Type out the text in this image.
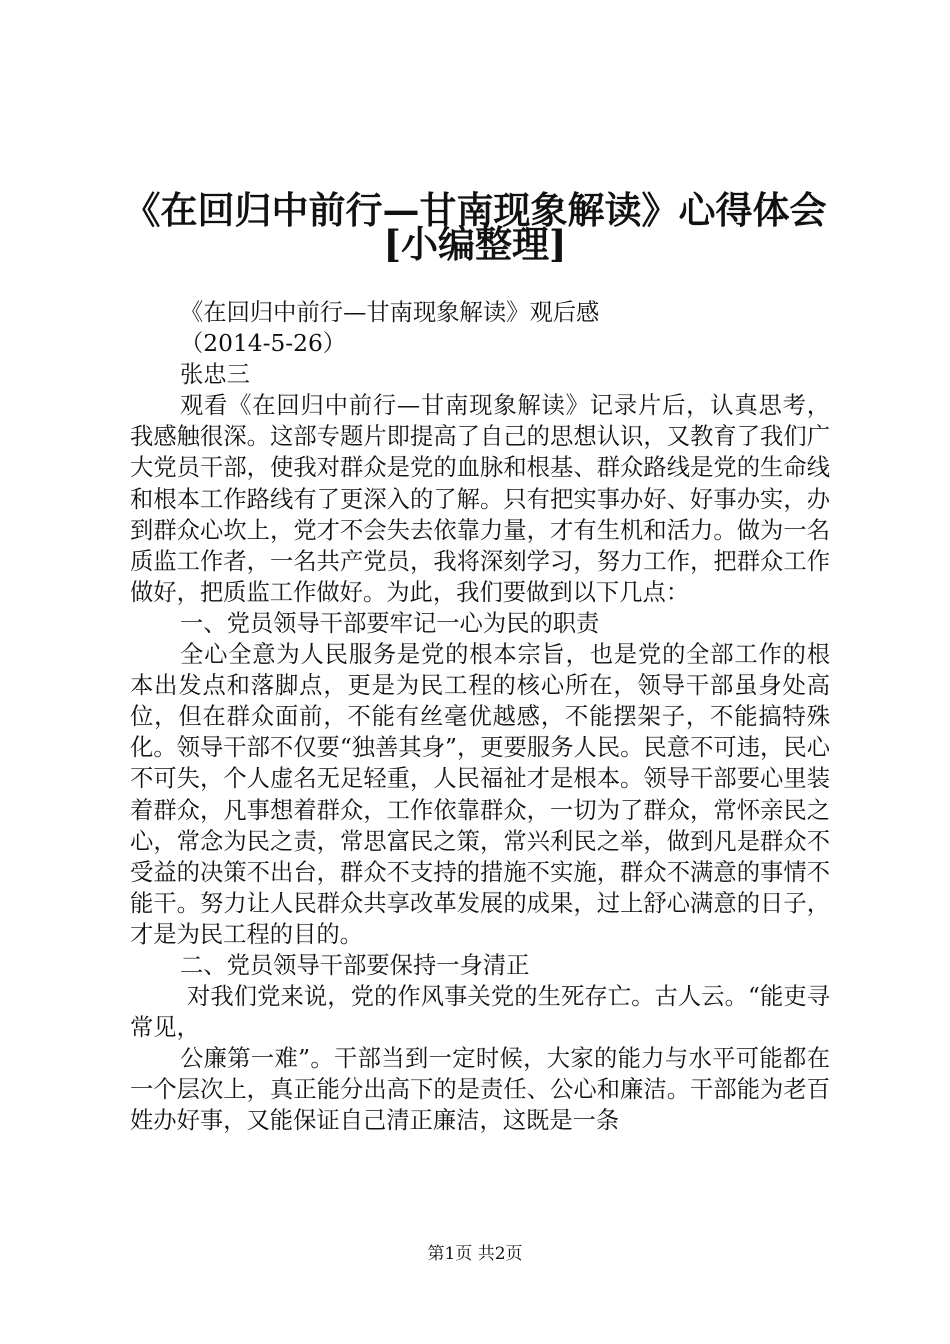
《在回归中前行—甘南现象解读》心得体会
[小编整理]

《在回归中前行—甘南现象解读》观后感

（2014-5-26）

张忠三

观看《在回归中前行—甘南现象解读》记录片后，认真思考，我感触很深。这部专题片即提高了自己的思想认识，又教育了我们广大党员干部，使我对群众是党的血脉和根基、群众路线是党的生命线和根本工作路线有了更深入的了解。只有把实事办好、好事办实，办到群众心坎上，党才不会失去依靠力量，才有生机和活力。做为一名质监工作者，一名共产党员，我将深刻学习，努力工作，把群众工作做好，把质监工作做好。为此，我们要做到以下几点：

一、党员领导干部要牢记一心为民的职责

全心全意为人民服务是党的根本宗旨，也是党的全部工作的根本出发点和落脚点，更是为民工程的核心所在，领导干部虽身处高位，但在群众面前，不能有丝毫优越感，不能摆架子，不能搞特殊化。领导干部不仅要“独善其身”，更要服务人民。民意不可违，民心不可失，个人虚名无足轻重，人民福祉才是根本。领导干部要心里装着群众，凡事想着群众，工作依靠群众，一切为了群众，常怀亲民之心，常念为民之责，常思富民之策，常兴利民之举，做到凡是群众不受益的决策不出台，群众不支持的措施不实施，群众不满意的事情不能干。努力让人民群众共享改革发展的成果，过上舒心满意的日子，才是为民工程的目的。

二、党员领导干部要保持一身清正

对我们党来说，党的作风事关党的生死存亡。古人云。“能吏寻常见，

公廉第一难”。干部当到一定时候，大家的能力与水平可能都在一个层次上，真正能分出高下的是责任、公心和廉洁。干部能为老百姓办好事，又能保证自己清正廉洁，这既是一条

第1页 共2页
